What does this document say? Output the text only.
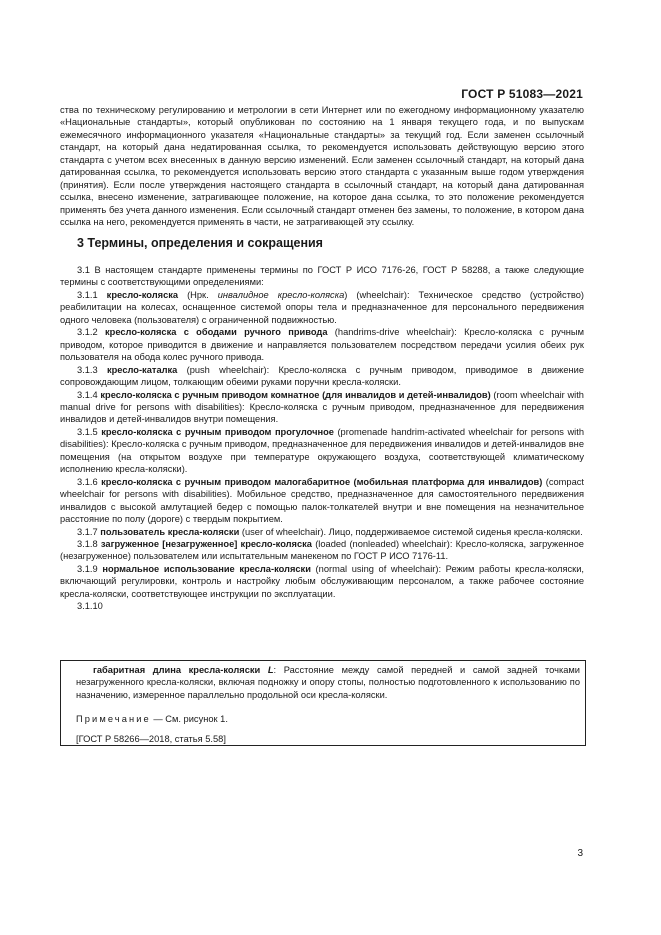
ГОСТ Р 51083—2021

ства по техническому регулированию и метрологии в сети Интернет или по ежегодному информационному указателю «Национальные стандарты», который опубликован по состоянию на 1 января текущего года, и по выпускам ежемесячного информационного указателя «Национальные стандарты» за текущий год. Если заменен ссылочный стандарт, на который дана недатированная ссылка, то рекомендуется использовать действующую версию этого стандарта с учетом всех внесенных в данную версию изменений. Если заменен ссылочный стандарт, на который дана датированная ссылка, то рекомендуется использовать версию этого стандарта с указанным выше годом утверждения (принятия). Если после утверждения настоящего стандарта в ссылочный стандарт, на который дана датированная ссылка, внесено изменение, затрагивающее положение, на которое дана ссылка, то это положение рекомендуется применять без учета данного изменения. Если ссылочный стандарт отменен без замены, то положение, в котором дана ссылка на него, рекомендуется применять в части, не затрагивающей эту ссылку.

3 Термины, определения и сокращения

3.1 В настоящем стандарте применены термины по ГОСТ Р ИСО 7176-26, ГОСТ Р 58288, а также следующие термины с соответствующими определениями:

3.1.1 кресло-коляска (Нрк. инвалидное кресло-коляска) (wheelchair): Техническое средство (устройство) реабилитации на колесах, оснащенное системой опоры тела и предназначенное для персонального передвижения одного человека (пользователя) с ограниченной подвижностью.

3.1.2 кресло-коляска с ободами ручного привода (handrims-drive wheelchair): Кресло-коляска с ручным приводом, которое приводится в движение и направляется пользователем посредством передачи усилия обеих рук пользователя на обода колес ручного привода.

3.1.3 кресло-каталка (push wheelchair): Кресло-коляска с ручным приводом, приводимое в движение сопровождающим лицом, толкающим обеими руками поручни кресла-коляски.

3.1.4 кресло-коляска с ручным приводом комнатное (для инвалидов и детей-инвалидов) (room wheelchair with manual drive for persons with disabilities): Кресло-коляска с ручным приводом, предназначенное для передвижения инвалидов и детей-инвалидов внутри помещения.

3.1.5 кресло-коляска с ручным приводом прогулочное (promenade handrim-activated wheelchair for persons with disabilities): Кресло-коляска с ручным приводом, предназначенное для передвижения инвалидов и детей-инвалидов вне помещения (на открытом воздухе при температуре окружающего воздуха, соответствующей климатическому исполнению кресла-коляски).

3.1.6 кресло-коляска с ручным приводом малогабаритное (мобильная платформа для инвалидов) (compact wheelchair for persons with disabilities). Мобильное средство, предназначенное для самостоятельного передвижения инвалидов с высокой амлутацией бедер с помощью палок-толкателей внутри и вне помещения на незначительное расстояние по полу (дороге) с твердым покрытием.

3.1.7 пользователь кресла-коляски (user of wheelchair). Лицо, поддерживаемое системой сиденья кресла-коляски.

3.1.8 загруженное [незагруженное] кресло-коляска (loaded (nonleaded) wheelchair): Кресло-коляска, загруженное (незагруженное) пользователем или испытательным манекеном по ГОСТ Р ИСО 7176-11.

3.1.9 нормальное использование кресла-коляски (normal using of wheelchair): Режим работы кресла-коляски, включающий регулировки, контроль и настройку любым обслуживающим персоналом, а также рабочее состояние кресла-коляски, соответствующее инструкции по эксплуатации.

3.1.10

габаритная длина кресла-коляски L: Расстояние между самой передней и самой задней точками незагруженного кресла-коляски, включая подножку и опору стопы, полностью подготовленного к использованию по назначению, измеренное параллельно продольной оси кресла-коляски.

Примечание — См. рисунок 1.
[ГОСТ Р 58266—2018, статья 5.58]
3
